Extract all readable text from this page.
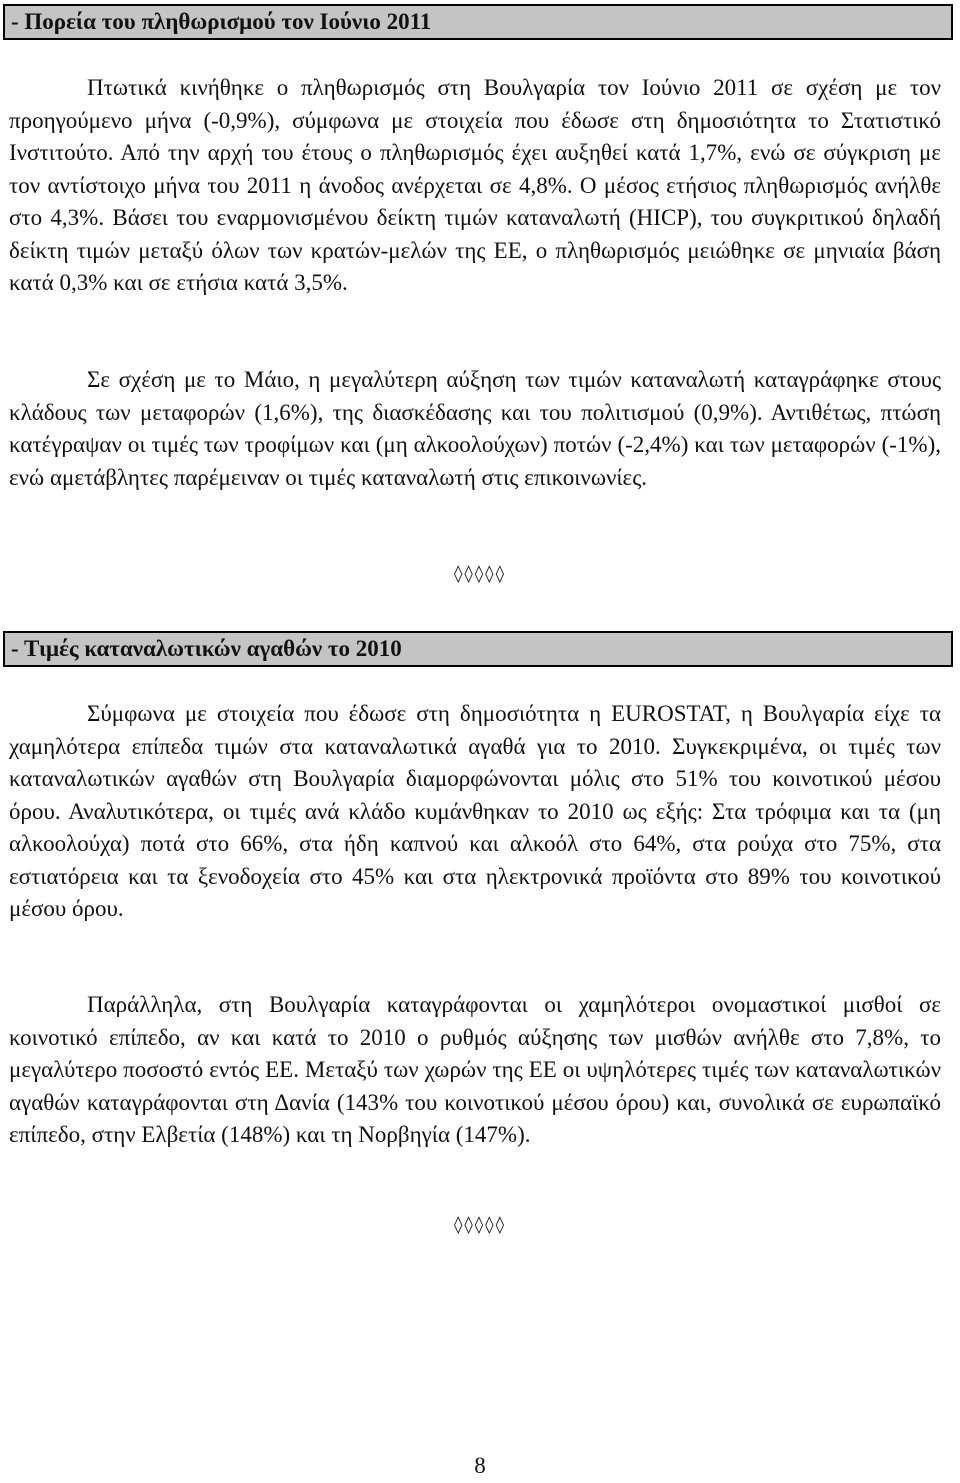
- Πορεία του πληθωρισμού τον Ιούνιο 2011

Πτωτικά κινήθηκε ο πληθωρισμός στη Βουλγαρία τον Ιούνιο 2011 σε σχέση με τον προηγούμενο μήνα (-0,9%), σύμφωνα με στοιχεία που έδωσε στη δημοσιότητα το Στατιστικό Ινστιτούτο. Από την αρχή του έτους ο πληθωρισμός έχει αυξηθεί κατά 1,7%, ενώ σε σύγκριση με τον αντίστοιχο μήνα του 2011 η άνοδος ανέρχεται σε 4,8%. Ο μέσος ετήσιος πληθωρισμός ανήλθε στο 4,3%. Βάσει του εναρμονισμένου δείκτη τιμών καταναλωτή (HICP), του συγκριτικού δηλαδή δείκτη τιμών μεταξύ όλων των κρατών-μελών της ΕΕ, ο πληθωρισμός μειώθηκε σε μηνιαία βάση κατά 0,3% και σε ετήσια κατά 3,5%.

Σε σχέση με το Μάιο, η μεγαλύτερη αύξηση των τιμών καταναλωτή καταγράφηκε στους κλάδους των μεταφορών (1,6%), της διασκέδασης και του πολιτισμού (0,9%). Αντιθέτως, πτώση κατέγραψαν οι τιμές των τροφίμων και (μη αλκοολούχων) ποτών (-2,4%) και των μεταφορών (-1%), ενώ αμετάβλητες παρέμειναν οι τιμές καταναλωτή στις επικοινωνίες.

◊◊◊◊◊
- Τιμές καταναλωτικών αγαθών το 2010

Σύμφωνα με στοιχεία που έδωσε στη δημοσιότητα η EUROSTAT, η Βουλγαρία είχε τα χαμηλότερα επίπεδα τιμών στα καταναλωτικά αγαθά για το 2010. Συγκεκριμένα, οι τιμές των καταναλωτικών αγαθών στη Βουλγαρία διαμορφώνονται μόλις στο 51% του κοινοτικού μέσου όρου. Αναλυτικότερα, οι τιμές ανά κλάδο κυμάνθηκαν το 2010 ως εξής: Στα τρόφιμα και τα (μη αλκοολούχα) ποτά στο 66%, στα ήδη καπνού και αλκοόλ στο 64%, στα ρούχα στο 75%, στα εστιατόρεια και τα ξενοδοχεία στο 45% και στα ηλεκτρονικά προϊόντα στο 89% του κοινοτικού μέσου όρου.

Παράλληλα, στη Βουλγαρία καταγράφονται οι χαμηλότεροι ονομαστικοί μισθοί σε κοινοτικό επίπεδο, αν και κατά το 2010 ο ρυθμός αύξησης των μισθών ανήλθε στο 7,8%, το μεγαλύτερο ποσοστό εντός ΕΕ. Μεταξύ των χωρών της ΕΕ οι υψηλότερες τιμές των καταναλωτικών αγαθών καταγράφονται στη Δανία (143% του κοινοτικού μέσου όρου) και, συνολικά σε ευρωπαϊκό επίπεδο, στην Ελβετία (148%) και τη Νορβηγία (147%).

◊◊◊◊◊
8
